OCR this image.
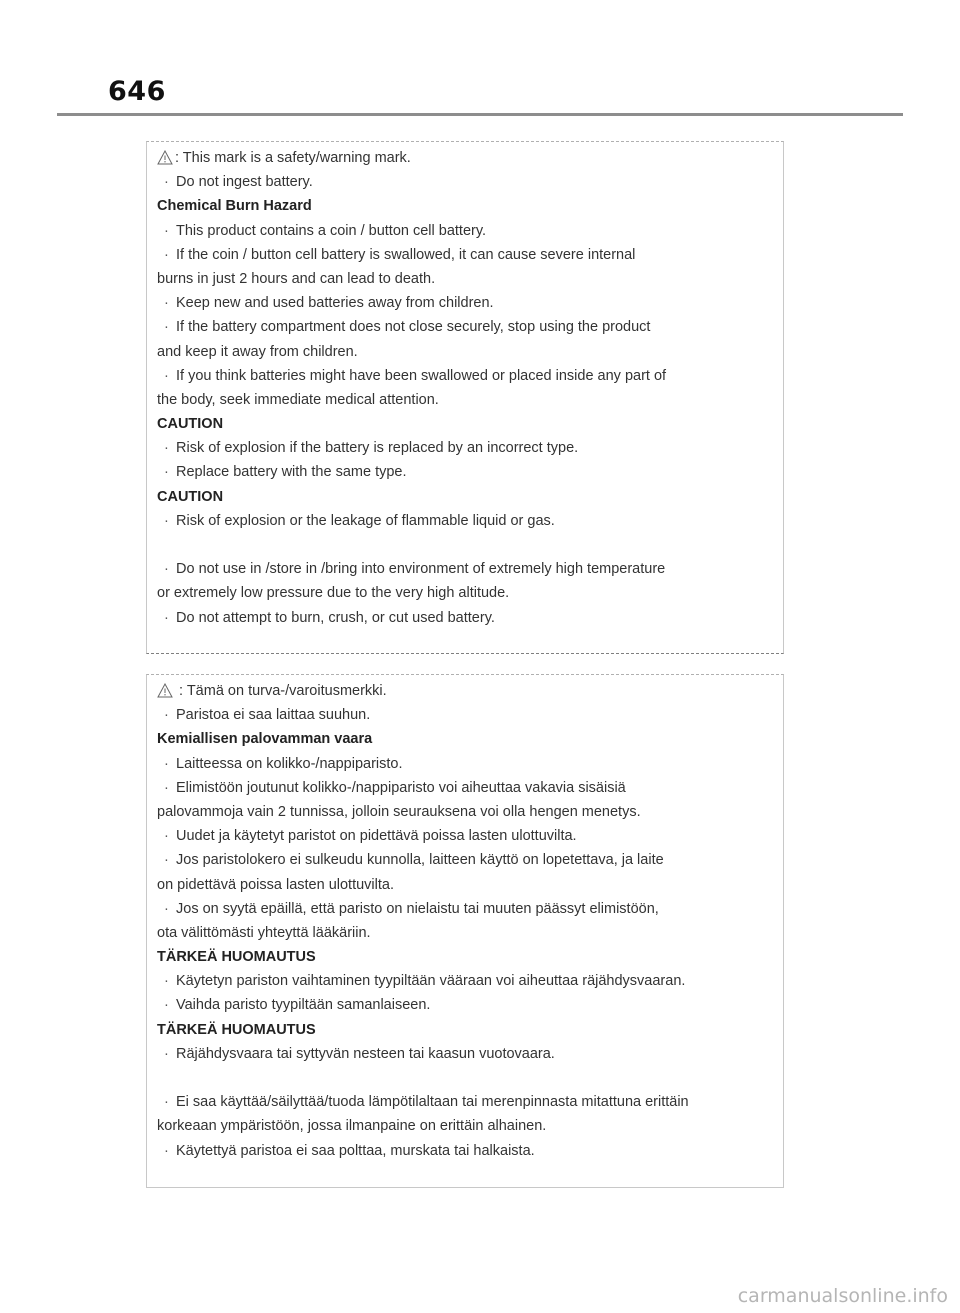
646
: This mark is a safety/warning mark.
· Do not ingest battery.
Chemical Burn Hazard
· This product contains a coin / button cell battery.
· If the coin / button cell battery is swallowed, it can cause severe internal
burns in just 2 hours and can lead to death.
· Keep new and used batteries away from children.
· If the battery compartment does not close securely, stop using the product
and keep it away from children.
· If you think batteries might have been swallowed or placed inside any part of
the body, seek immediate medical attention.
CAUTION
· Risk of explosion if the battery is replaced by an incorrect type.
· Replace battery with the same type.
CAUTION
· Risk of explosion or the leakage of flammable liquid or gas.
· Do not use in /store in /bring into environment of extremely high temperature
or extremely low pressure due to the very high altitude.
· Do not attempt to burn, crush, or cut used battery.
: Tämä on turva-/varoitusmerkki.
· Paristoa ei saa laittaa suuhun.
Kemiallisen palovamman vaara
· Laitteessa on kolikko-/nappiparisto.
· Elimistöön joutunut kolikko-/nappiparisto voi aiheuttaa vakavia sisäisiä
palovammoja vain 2 tunnissa, jolloin seurauksena voi olla hengen menetys.
· Uudet ja käytetyt paristot on pidettävä poissa lasten ulottuvilta.
· Jos paristolokero ei sulkeudu kunnolla, laitteen käyttö on lopetettava, ja laite
on pidettävä poissa lasten ulottuvilta.
· Jos on syytä epäillä, että paristo on nielaistu tai muuten päässyt elimistöön,
ota välittömästi yhteyttä lääkäriin.
TÄRKEÄ HUOMAUTUS
· Käytetyn pariston vaihtaminen tyypiltään vääraan voi aiheuttaa räjähdysvaaran.
· Vaihda paristo tyypiltään samanlaiseen.
TÄRKEÄ HUOMAUTUS
· Räjähdysvaara tai syttyvän nesteen tai kaasun vuotovaara.
· Ei saa käyttää/säilyttää/tuoda lämpötilaltaan tai merenpinnasta mitattuna erittäin
korkeaan ympäristöön, jossa ilmanpaine on erittäin alhainen.
· Käytettyä paristoa ei saa polttaa, murskata tai halkaista.
carmanualsonline.info
